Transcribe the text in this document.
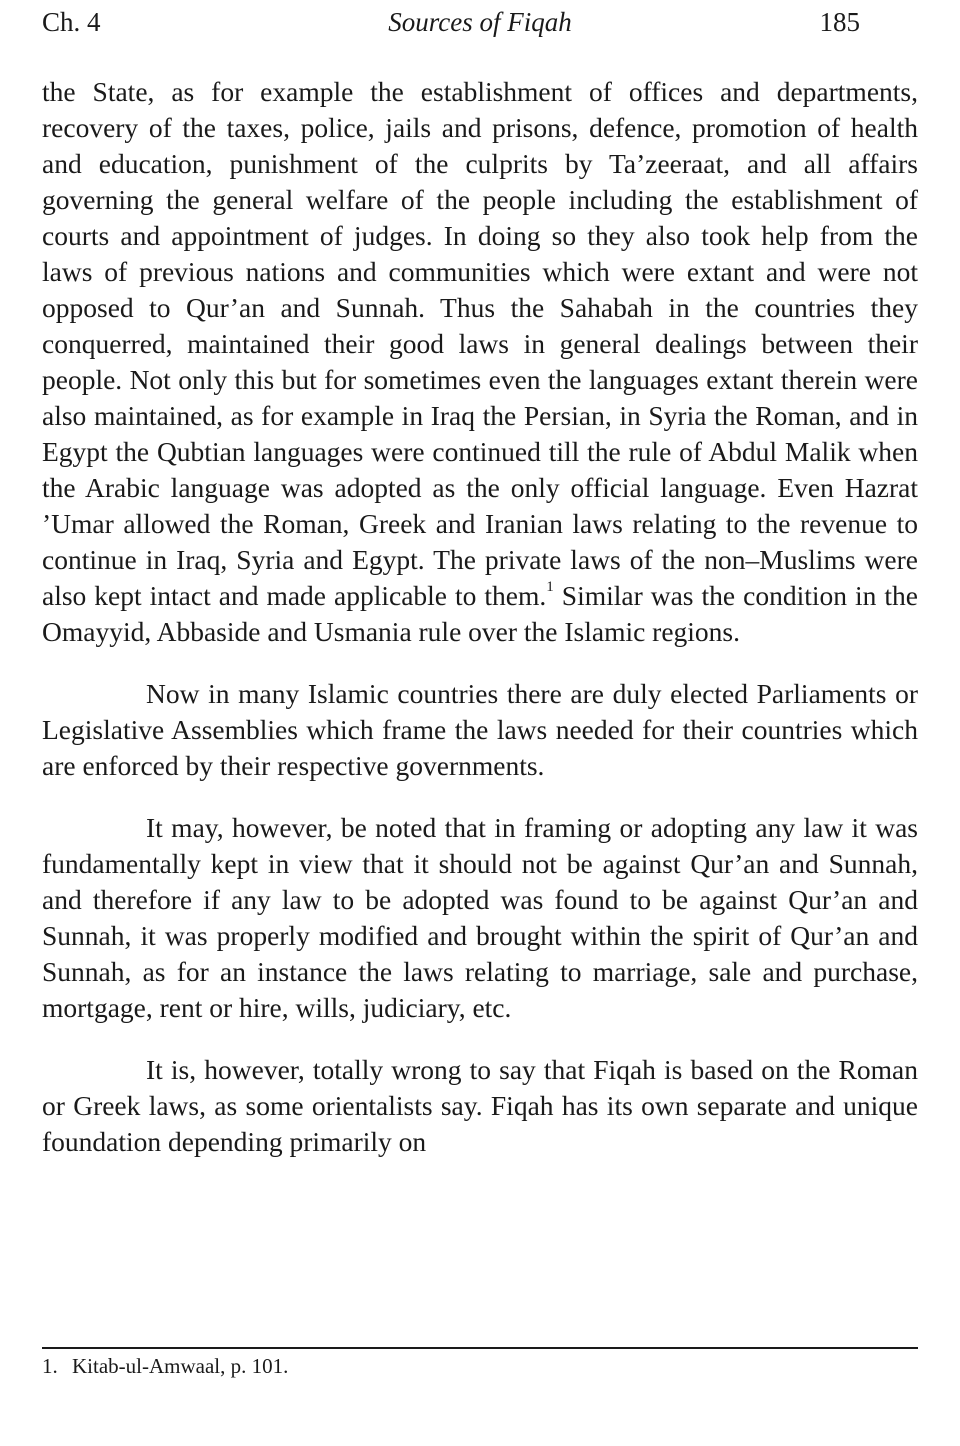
Ch. 4	Sources of Fiqah	185

the State, as for example the establishment of offices and departments, recovery of the taxes, police, jails and prisons, defence, promotion of health and education, punishment of the culprits by Ta’zeeraat, and all affairs governing the general welfare of the people including the establishment of courts and appointment of judges. In doing so they also took help from the laws of previous nations and communities which were extant and were not opposed to Qur’an and Sunnah. Thus the Sahabah in the countries they conquerred, maintained their good laws in general dealings between their people. Not only this but for sometimes even the languages extant therein were also maintained, as for example in Iraq the Persian, in Syria the Roman, and in Egypt the Qubtian languages were continued till the rule of Abdul Malik when the Arabic language was adopted as the only official language. Even Hazrat ’Umar allowed the Roman, Greek and Iranian laws relating to the revenue to continue in Iraq, Syria and Egypt. The private laws of the non–Muslims were also kept intact and made applicable to them.$^1$ Similar was the condition in the Omayyid, Abbaside and Usmania rule over the Islamic regions.

Now in many Islamic countries there are duly elected Parliaments or Legislative Assemblies which frame the laws needed for their countries which are enforced by their respective governments.

It may, however, be noted that in framing or adopting any law it was fundamentally kept in view that it should not be against Qur’an and Sunnah, and therefore if any law to be adopted was found to be against Qur’an and Sunnah, it was properly modified and brought within the spirit of Qur’an and Sunnah, as for an instance the laws relating to marriage, sale and purchase, mortgage, rent or hire, wills, judiciary, etc.

It is, however, totally wrong to say that Fiqah is based on the Roman or Greek laws, as some orientalists say. Fiqah has its own separate and unique foundation depending primarily on

1. Kitab-ul-Amwaal, p. 101.
